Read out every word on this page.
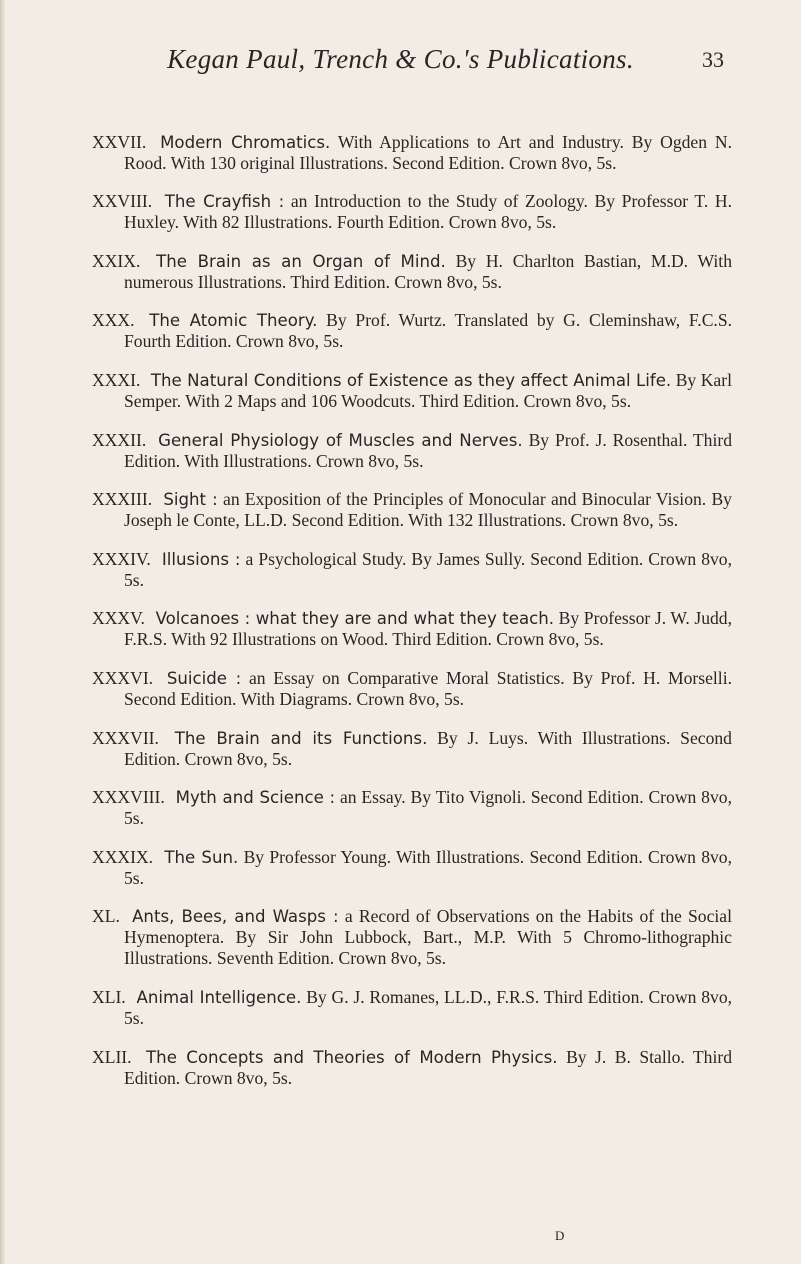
Kegan Paul, Trench & Co.'s Publications.	33

XXVII. Modern Chromatics. With Applications to Art and Industry. By Ogden N. Rood. With 130 original Illustrations. Second Edition. Crown 8vo, 5s.

XXVIII. The Crayfish : an Introduction to the Study of Zoology. By Professor T. H. Huxley. With 82 Illustrations. Fourth Edition. Crown 8vo, 5s.

XXIX. The Brain as an Organ of Mind. By H. Charlton Bastian, M.D. With numerous Illustrations. Third Edition. Crown 8vo, 5s.

XXX. The Atomic Theory. By Prof. Wurtz. Translated by G. Cleminshaw, F.C.S. Fourth Edition. Crown 8vo, 5s.

XXXI. The Natural Conditions of Existence as they affect Animal Life. By Karl Semper. With 2 Maps and 106 Woodcuts. Third Edition. Crown 8vo, 5s.

XXXII. General Physiology of Muscles and Nerves. By Prof. J. Rosenthal. Third Edition. With Illustrations. Crown 8vo, 5s.

XXXIII. Sight : an Exposition of the Principles of Monocular and Binocular Vision. By Joseph le Conte, LL.D. Second Edition. With 132 Illustrations. Crown 8vo, 5s.

XXXIV. Illusions : a Psychological Study. By James Sully. Second Edition. Crown 8vo, 5s.

XXXV. Volcanoes : what they are and what they teach. By Professor J. W. Judd, F.R.S. With 92 Illustrations on Wood. Third Edition. Crown 8vo, 5s.

XXXVI. Suicide : an Essay on Comparative Moral Statistics. By Prof. H. Morselli. Second Edition. With Diagrams. Crown 8vo, 5s.

XXXVII. The Brain and its Functions. By J. Luys. With Illustrations. Second Edition. Crown 8vo, 5s.

XXXVIII. Myth and Science : an Essay. By Tito Vignoli. Second Edition. Crown 8vo, 5s.

XXXIX. The Sun. By Professor Young. With Illustrations. Second Edition. Crown 8vo, 5s.

XL. Ants, Bees, and Wasps : a Record of Observations on the Habits of the Social Hymenoptera. By Sir John Lubbock, Bart., M.P. With 5 Chromo-lithographic Illustrations. Seventh Edition. Crown 8vo, 5s.

XLI. Animal Intelligence. By G. J. Romanes, LL.D., F.R.S. Third Edition. Crown 8vo, 5s.

XLII. The Concepts and Theories of Modern Physics. By J. B. Stallo. Third Edition. Crown 8vo, 5s.

D
